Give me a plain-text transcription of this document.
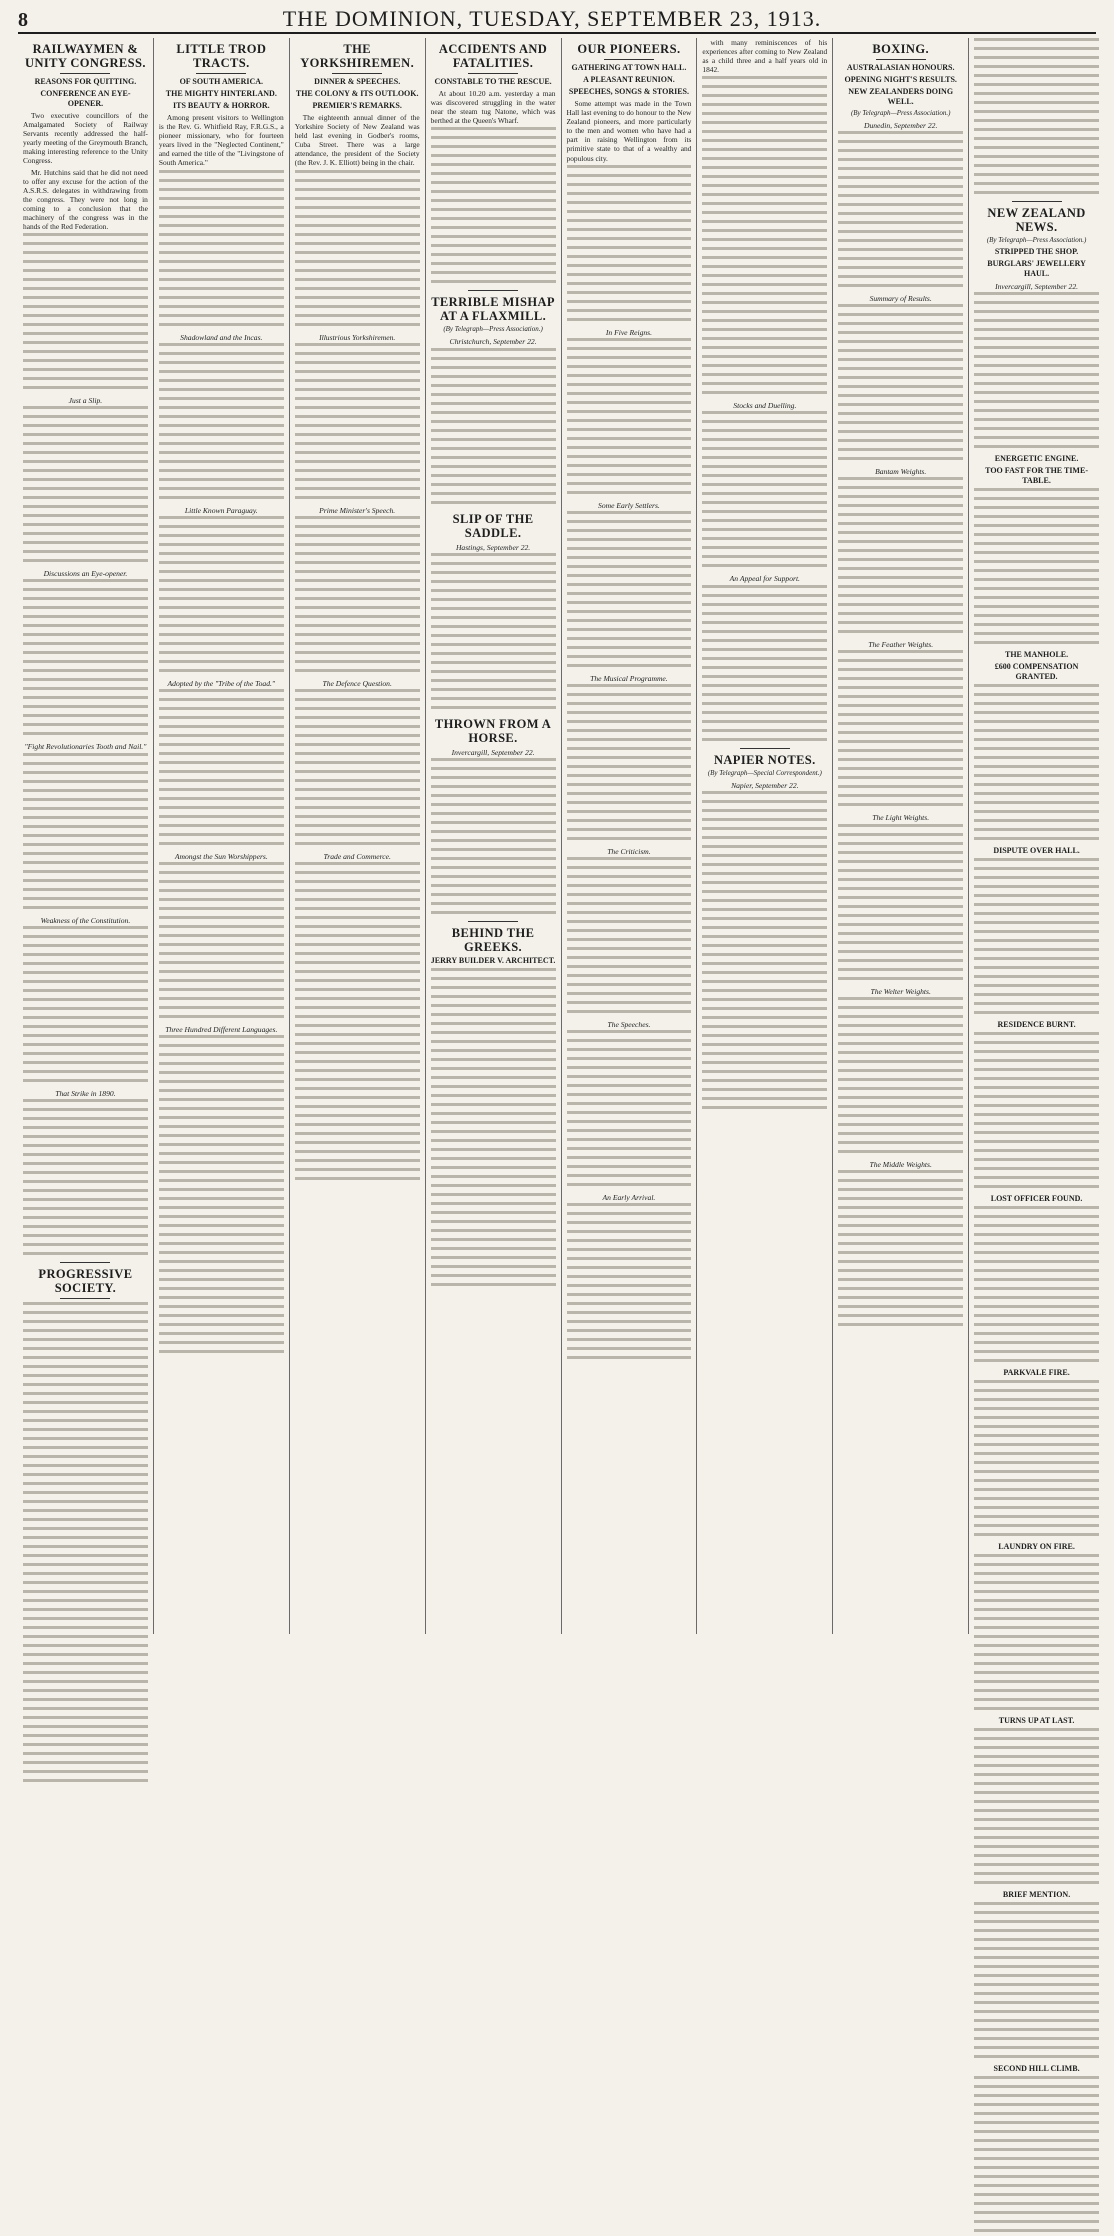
8	THE DOMINION, TUESDAY, SEPTEMBER 23, 1913.
RAILWAYMEN & UNITY CONGRESS.
REASONS FOR QUITTING.
CONFERENCE AN EYE-OPENER.

Two executive councillors of the Amalgamated Society of Railway Servants recently addressed the half-yearly meeting of the Greymouth Branch, making interesting reference to the Unity Congress.

Mr. Hutchins said that he did not need to offer any excuse for the action of the A.S.R.S. delegates in withdrawing from the congress. They were not long in coming to a conclusion that the machinery of the congress was in the hands of the Red Federation.

Just a Slip.

Discussions an Eye-opener.

"Fight Revolutionaries Tooth and Nail."

Weakness of the Constitution.

That Strike in 1890.

PROGRESSIVE SOCIETY.

LITTLE TROD TRACTS.
OF SOUTH AMERICA.
THE MIGHTY HINTERLAND.
ITS BEAUTY & HORROR.

Among present visitors to Wellington is the Rev. G. Whitfield Ray, F.R.G.S., a pioneer missionary, who for fourteen years lived in the "Neglected Continent," and earned the title of the "Livingstone of South America."

Shadowland and the Incas.

Little Known Paraguay.

Adopted by the "Tribe of the Toad."

Amongst the Sun Worshippers.

Three Hundred Different Languages.

THE YORKSHIREMEN.
DINNER & SPEECHES.
THE COLONY & ITS OUTLOOK.
PREMIER'S REMARKS.

The eighteenth annual dinner of the Yorkshire Society of New Zealand was held last evening in Godber's rooms, Cuba Street. There was a large attendance, the president of the Society (the Rev. J. K. Elliott) being in the chair.

Illustrious Yorkshiremen.

Prime Minister's Speech.

The Defence Question.

Trade and Commerce.

ACCIDENTS AND FATALITIES.
CONSTABLE TO THE RESCUE.

At about 10.20 a.m. yesterday a man was discovered struggling in the water near the steam tug Natone, which was berthed at the Queen's Wharf.

TERRIBLE MISHAP AT A FLAXMILL.
(By Telegraph—Press Association.)
Christchurch, September 22.

SLIP OF THE SADDLE.
Hastings, September 22.

THROWN FROM A HORSE.
Invercargill, September 22.

BEHIND THE GREEKS.
JERRY BUILDER V. ARCHITECT.

OUR PIONEERS.
GATHERING AT TOWN HALL.
A PLEASANT REUNION.
SPEECHES, SONGS & STORIES.

Some attempt was made in the Town Hall last evening to do honour to the New Zealand pioneers, and more particularly to the men and women who have had a part in raising Wellington from its primitive state to that of a wealthy and populous city.

In Five Reigns.

Some Early Settlers.

The Musical Programme.

The Criticism.

The Speeches.

An Early Arrival.

with many reminiscences of his experiences after coming to New Zealand as a child three and a half years old in 1842.

Stocks and Duelling.

An Appeal for Support.

NAPIER NOTES.
(By Telegraph—Special Correspondent.)
Napier, September 22.

BOXING.
AUSTRALASIAN HONOURS.
OPENING NIGHT'S RESULTS.
NEW ZEALANDERS DOING WELL.
(By Telegraph—Press Association.)
Dunedin, September 22.

Summary of Results.

Bantam Weights.

The Feather Weights.

The Light Weights.

The Welter Weights.

The Middle Weights.

NEW ZEALAND NEWS.
(By Telegraph—Press Association.)
STRIPPED THE SHOP.
BURGLARS' JEWELLERY HAUL.
Invercargill, September 22.

ENERGETIC ENGINE.
TOO FAST FOR THE TIME-TABLE.

THE MANHOLE.
£600 COMPENSATION GRANTED.

DISPUTE OVER HALL.

RESIDENCE BURNT.

LOST OFFICER FOUND.

PARKVALE FIRE.

LAUNDRY ON FIRE.

TURNS UP AT LAST.

BRIEF MENTION.

SECOND HILL CLIMB.
